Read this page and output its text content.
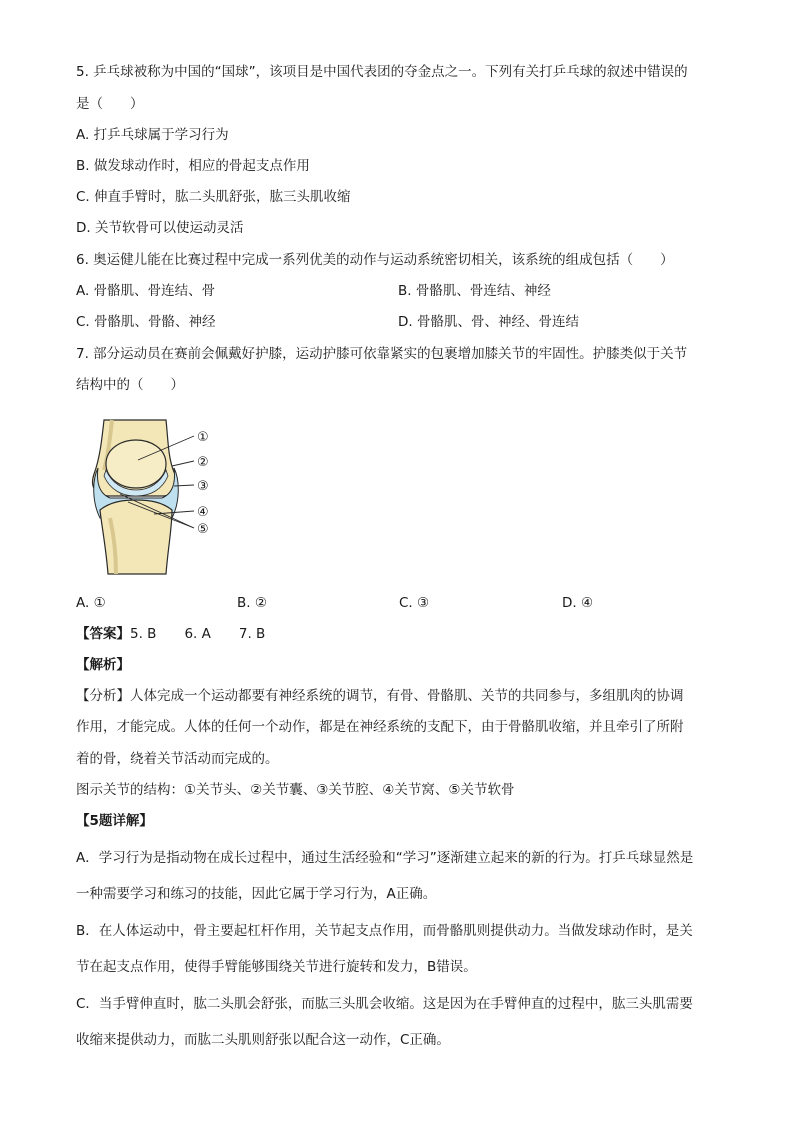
5. 乒乓球被称为中国的“国球”，该项目是中国代表团的夺金点之一。下列有关打乒乓球的叙述中错误的
是（　　）
A. 打乒乓球属于学习行为
B. 做发球动作时，相应的骨起支点作用
C. 伸直手臂时，肱二头肌舒张，肱三头肌收缩
D. 关节软骨可以使运动灵活
6. 奥运健儿能在比赛过程中完成一系列优美的动作与运动系统密切相关，该系统的组成包括（　　）
A. 骨骼肌、骨连结、骨	B. 骨骼肌、骨连结、神经
C. 骨骼肌、骨骼、神经	D. 骨骼肌、骨、神经、骨连结
7. 部分运动员在赛前会佩戴好护膝，运动护膝可依靠紧实的包裹增加膝关节的牢固性。护膝类似于关节
结构中的（　　）
①
②
③
④
⑤
A. ①	B. ②	C. ③	D. ④
【答案】5. B 6. A 7. B
【解析】
【分析】人体完成一个运动都要有神经系统的调节，有骨、骨骼肌、关节的共同参与，多组肌肉的协调
作用，才能完成。人体的任何一个动作，都是在神经系统的支配下，由于骨骼肌收缩，并且牵引了所附
着的骨，绕着关节活动而完成的。
图示关节的结构：①关节头、②关节囊、③关节腔、④关节窝、⑤关节软骨
【5题详解】
A．学习行为是指动物在成长过程中，通过生活经验和“学习”逐渐建立起来的新的行为。打乒乓球显然是
一种需要学习和练习的技能，因此它属于学习行为，A正确。
B．在人体运动中，骨主要起杠杆作用，关节起支点作用，而骨骼肌则提供动力。当做发球动作时，是关
节在起支点作用，使得手臂能够围绕关节进行旋转和发力，B错误。
C．当手臂伸直时，肱二头肌会舒张，而肱三头肌会收缩。这是因为在手臂伸直的过程中，肱三头肌需要
收缩来提供动力，而肱二头肌则舒张以配合这一动作，C正确。
